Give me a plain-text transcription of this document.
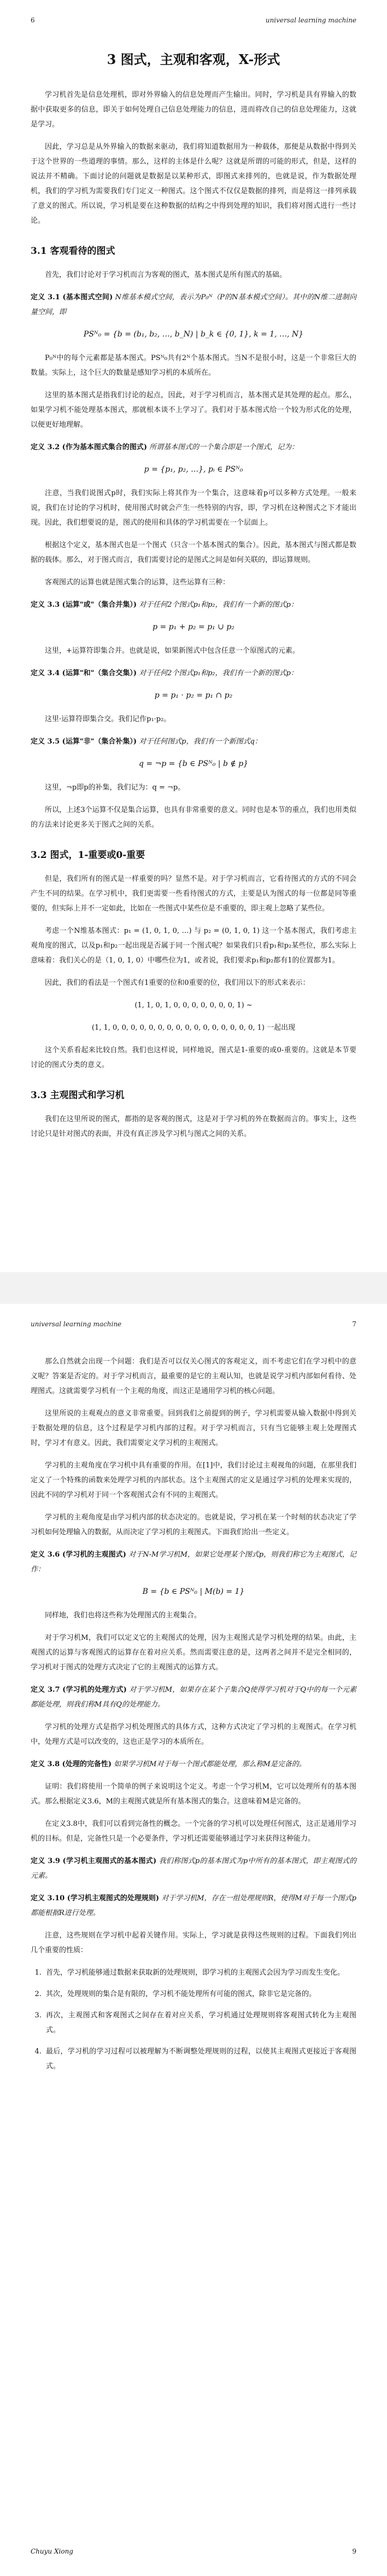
6	universal learning machine
3 图式，主观和客观，X-形式

学习机首先是信息处理机，即对外界输入的信息处理而产生输出。同时，学习机是具有界输入的数据中获取更多的信息，即关于如何处理自己信息处理能力的信息，进而将改自己的信息处理能力，这就是学习。

因此，学习总是从外界输入的数据来驱动，我们将知道数据用为一种载体，那便是从数据中得到关于这个世界的一些道理的事情。那么，这样的主体是什么呢？这就是所谓的可能的形式，但是，这样的说法并不精确。下面讨论的问题就是数据是以某种形式，即图式来排列的，也就是说，作为数据处理机，我们的学习机为需要我们专门定义一种图式。这个图式不仅仅是数据的排列，而是将这一排列承载了意义的图式。所以说，学习机是要在这种数据的结构之中得到处理的知识，我们将对图式进行一些讨论。

3.1 客观看待的图式

首先，我们讨论对于学习机而言为客观的图式，基本图式是所有图式的基础。

定义 3.1 (基本图式空间) N维基本模式空间，表示为P₀ᴺ（P的N基本模式空间）。其中的N维二进制向量空间，即
PSᴺ₀ = {b = (b₁, b₂, …, b_N) | b_k ∈ {0, 1}, k = 1, …, N}

P₀ᴺ中的每个元素都是基本图式。PSᴺ₀共有2ᴺ个基本图式。当N不是很小时，这是一个非常巨大的数量。实际上，这个巨大的数量是感知学习机的本质所在。

这里的基本图式是指我们讨论的起点，因此，对于学习机而言，基本图式是其处理的起点。那么，如果学习机不能处理基本图式，那就根本谈不上学习了。我们对于基本图式给一个较为形式化的处理，以便更好地理解。

定义 3.2 (作为基本图式集合的图式) 所谓基本图式的一个集合即是一个图式，记为：
p = {p₁, p₂, …}, pᵢ ∈ PSᴺ₀

注意，当我们说图式p时，我们实际上将其作为一个集合，这意味着p可以多种方式处理。一般来说，我们在讨论的学习机时，使用图式时就会产生一些特别的内容，即，学习机在这种图式之下才能出现。因此，我们想要说的是，图式的使用和具体的学习机需要在一个层面上。

根据这个定义，基本图式也是一个图式（只含一个基本图式的集合）。因此，基本图式与图式都是数据的载体。那么，对于图式而言，我们需要讨论的是图式之间是如何关联的，即运算规则。

客观图式的运算也就是图式集合的运算，这些运算有三种：

定义 3.3 (运算"或"（集合并集）) 对于任何2个图式p₁和p₂，我们有一个新的图式p：
p = p₁ + p₂ = p₁ ∪ p₂

这里，+运算符即集合并。也就是说，如果新图式中包含任意一个原图式的元素。

定义 3.4 (运算"和"（集合交集）) 对于任何2个图式p₁和p₂，我们有一个新的图式p：
p = p₁ · p₂ = p₁ ∩ p₂

这里·运算符即集合交。我们记作p₁·p₂。

定义 3.5 (运算"非"（集合补集）) 对于任何图式p，我们有一个新图式q：
q = ¬p = {b ∈ PSᴺ₀ | b ∉ p}

这里，¬p即p的补集，我们记为：q = ¬p。

所以，上述3个运算不仅是集合运算，也具有非常重要的意义。同时也是本节的重点，我们也用类似的方法来讨论更多关于图式之间的关系。

3.2 图式，1-重要或0-重要

但是，我们所有的图式是一样重要的吗？显然不是。对于学习机而言，它看待图式的方式的不同会产生不同的结果。在学习机中，我们更需要一些看待图式的方式，主要是认为图式的每一位都是同等重要的，但实际上并不一定如此，比如在一些图式中某些位是不重要的，即主观上忽略了某些位。

考虑一个N维基本图式：p₁ = (1, 0, 1, 0, …) 与 p₂ = (0, 1, 0, 1) 这一个基本图式，我们考虑主观角度的图式，以及p₁和p₂一起出现是否属于同一个图式呢？如果我们只看p₁和p₂某些位，那么实际上意味着：我们关心的是（1, 0, 1, 0）中哪些位为1，或者说，我们要求p₁和p₂都有1的位置都为1。

因此，我们的看法是一个图式有1重要的位和0重要的位，我们用以下的形式来表示：

(1, 1, 0, 1, 0, 0, 0, 0, 0, 0, 0, 1) ~
(1, 1, 0, 0, 0, 0, 0, 0, 0, 0, 0, 0, 0, 0, 0, 0, 0, 0, 1) 一起出现

这个关系看起来比较自然。我们也这样说，同样地说，图式是1-重要的或0-重要的。这就是本节要讨论的图式分类的意义。

3.3 主观图式和学习机

我们在这里所说的图式，都指的是客观的图式，这是对于学习机的外在数据而言的。事实上，这些讨论只是针对图式的表面，并没有真正涉及学习机与图式之间的关系。

7
universal learning machine

那么自然就会出现一个问题：我们是否可以仅关心图式的客观定义，而不考虑它们在学习机中的意义呢？答案是否定的。对于学习机而言，最重要的是它的主观认知，也就是说学习机内部如何看待、处理图式。这就需要学习机有一个主观的角度，而这正是通用学习机的核心问题。

这里所说的主观观点的意义非常重要。回到我们之前提到的例子，学习机需要从输入数据中得到关于数据处理的信息，这个过程是学习机内部的过程。对于学习机而言，只有当它能够主观上处理图式时，学习才有意义。因此，我们需要定义学习机的主观图式。

学习机的主观角度在学习机中具有重要的作用。在[1]中，我们讨论过主观视角的问题，在那里我们定义了一个特殊的函数来处理学习机的内部状态。这个主观图式的定义是通过学习机的处理来实现的，因此不同的学习机对于同一个客观图式会有不同的主观图式。

学习机的主观角度是由学习机内部的状态决定的。也就是说，学习机在某一个时刻的状态决定了学习机如何处理输入的数据，从而决定了学习机的主观图式。下面我们给出一些定义。

定义 3.6 (学习机的主观图式) 对于N-M学习机M，如果它处理某个图式p，则我们称它为主观图式，记作：
B = {b ∈ PSᴺ₀ | M(b) = 1}

同样地，我们也将这些称为处理图式的主观集合。

对于学习机M，我们可以定义它的主观图式的处理，因为主观图式是学习机处理的结果。由此，主观图式的运算与客观图式的运算存在着对应关系。然而需要注意的是，这两者之间并不是完全相同的，学习机对于图式的处理方式决定了它的主观图式的运算方式。

定义 3.7 (学习机的处理方式) 对于学习机M，如果存在某个子集合Q使得学习机对于Q中的每一个元素都能处理，则我们称M具有Q的处理能力。

学习机的处理方式是指学习机处理图式的具体方式，这种方式决定了学习机的主观图式。在学习机中，处理方式是可以改变的，这也正是学习的本质所在。

定义 3.8 (处理的完备性) 如果学习机M对于每一个图式都能处理，那么称M是完备的。

证明：我们将使用一个简单的例子来说明这个定义。考虑一个学习机M，它可以处理所有的基本图式。那么根据定义3.6，M的主观图式就是所有基本图式的集合。这意味着M是完备的。

在定义3.8中，我们可以看到完备性的概念。一个完备的学习机可以处理任何图式，这正是通用学习机的目标。但是，完备性只是一个必要条件，学习机还需要能够通过学习来获得这种能力。

定义 3.9 (学习机主观图式的基本图式) 我们称图式p的基本图式为p中所有的基本图式，即主观图式的元素。
定义 3.10 (学习机主观图式的处理规则) 对于学习机M，存在一组处理规则R，使得M对于每一个图式p都能根据R进行处理。

注意，这些规则在学习机中起着关键作用。实际上，学习就是获得这些规则的过程。下面我们列出几个重要的性质：

1. 首先，学习机能够通过数据来获取新的处理规则，即学习机的主观图式会因为学习而发生变化。
2. 其次，处理规则的集合是有限的，学习机不能处理所有可能的图式，除非它是完备的。
3. 再次，主观图式和客观图式之间存在着对应关系，学习机通过处理规则将客观图式转化为主观图式。
4. 最后，学习机的学习过程可以被理解为不断调整处理规则的过程，以使其主观图式更接近于客观图式。
Chuyu Xiong	9
